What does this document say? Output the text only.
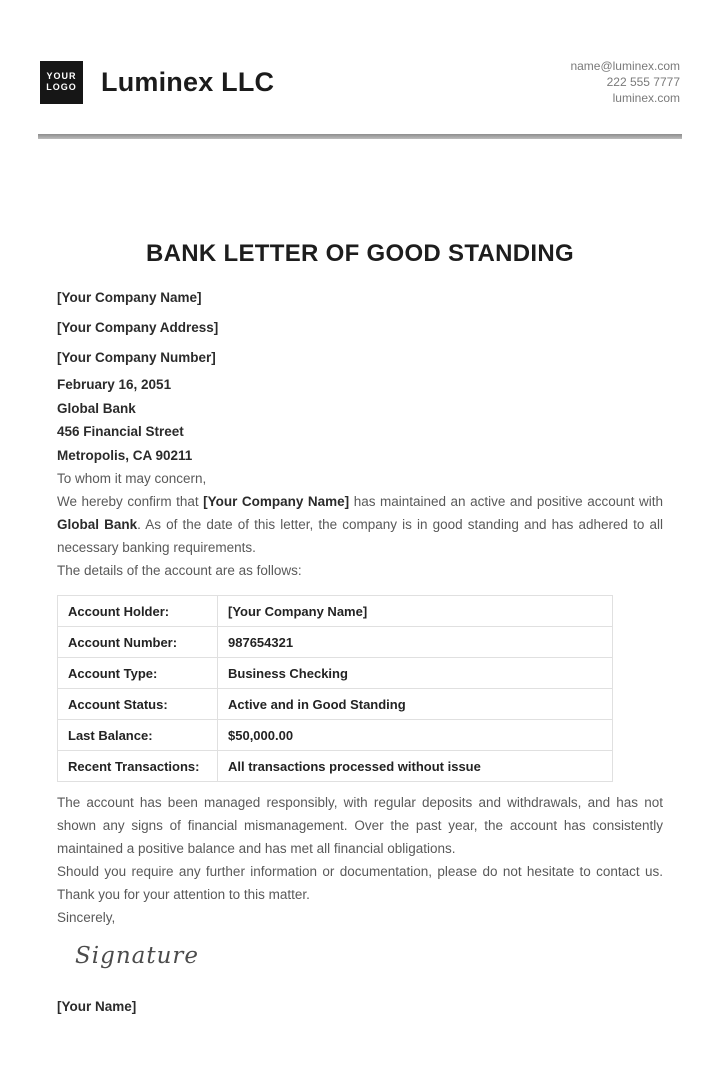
YOUR
LOGO Luminex LLC
name@luminex.com
222 555 7777
luminex.com
BANK LETTER OF GOOD STANDING
[Your Company Name]
[Your Company Address]
[Your Company Number]
February 16, 2051
Global Bank
456 Financial Street
Metropolis, CA 90211
To whom it may concern,
We hereby confirm that [Your Company Name] has maintained an active and positive account with Global Bank. As of the date of this letter, the company is in good standing and has adhered to all necessary banking requirements.
The details of the account are as follows:
Account Holder:	[Your Company Name]
Account Number:	987654321
Account Type:	Business Checking
Account Status:	Active and in Good Standing
Last Balance:	$50,000.00
Recent Transactions:	All transactions processed without issue
The account has been managed responsibly, with regular deposits and withdrawals, and has not shown any signs of financial mismanagement. Over the past year, the account has consistently maintained a positive balance and has met all financial obligations.
Should you require any further information or documentation, please do not hesitate to contact us. Thank you for your attention to this matter.
Sincerely,
Signature
[Your Name]
